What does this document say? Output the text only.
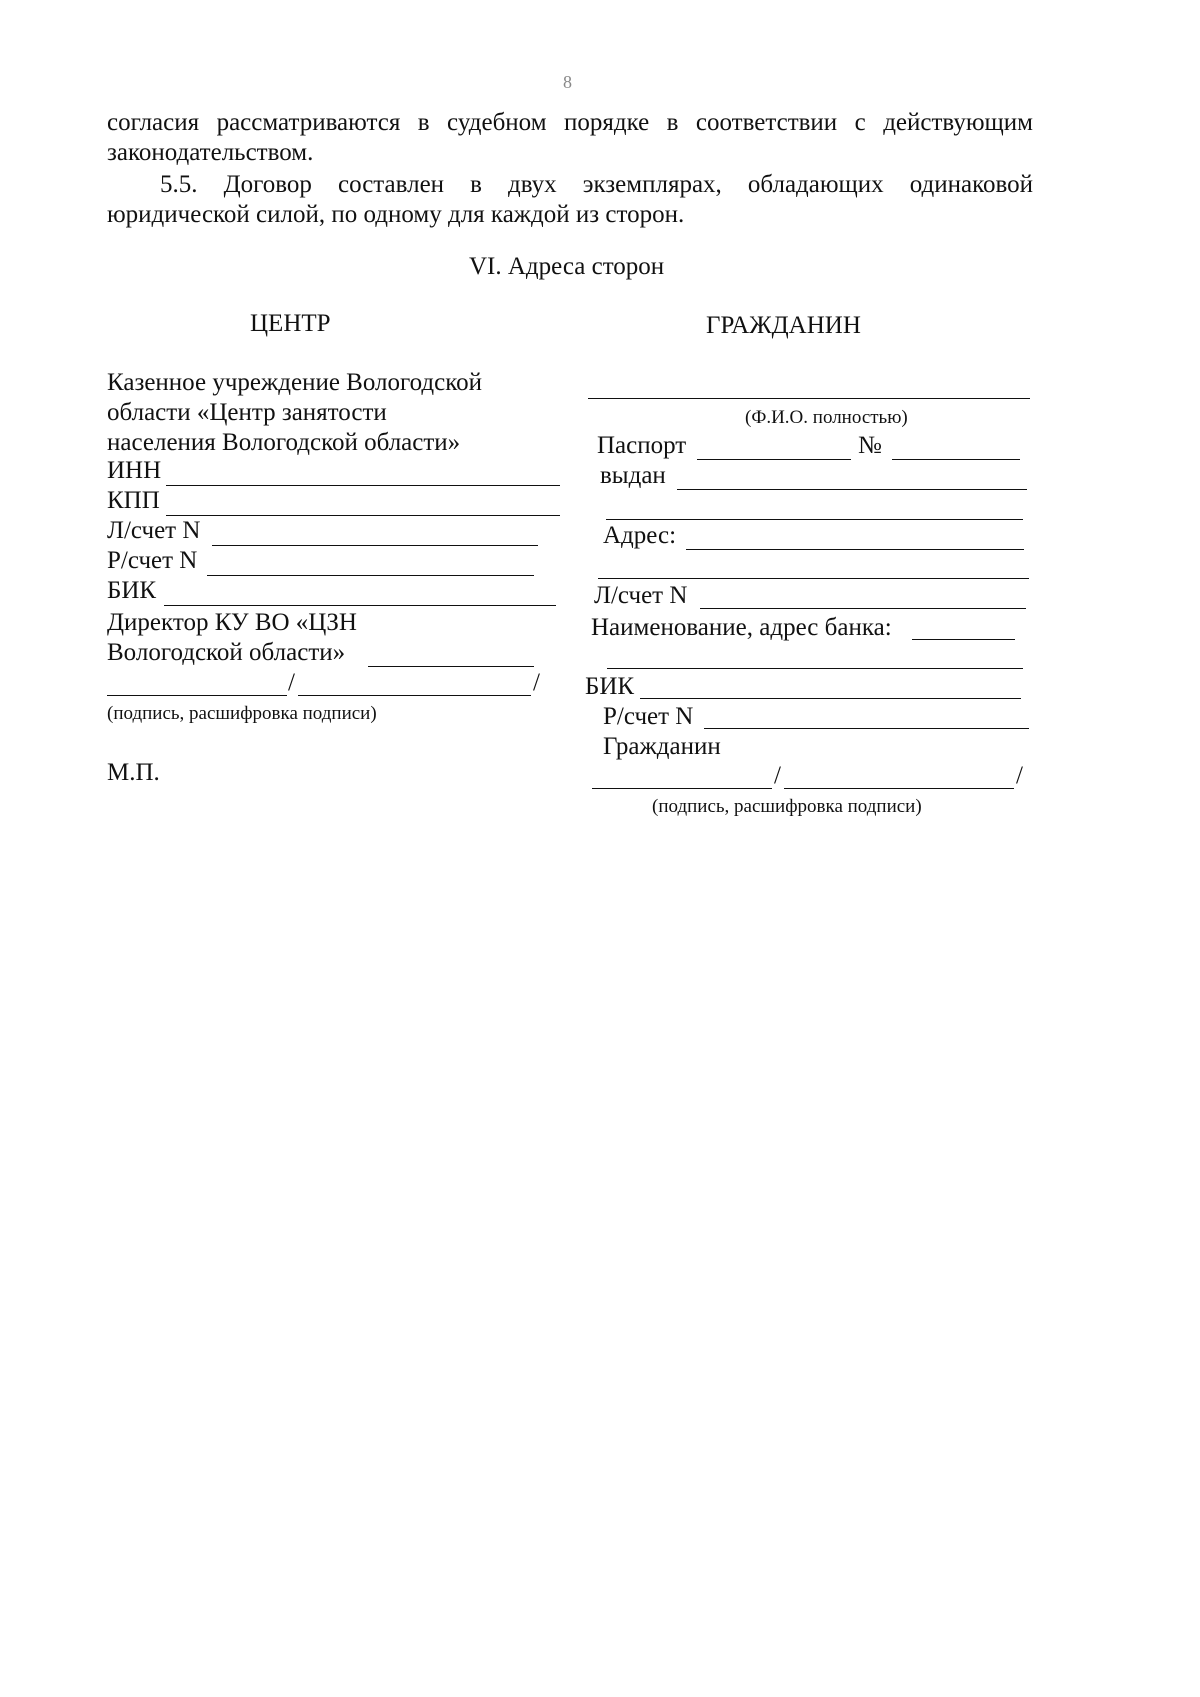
8
согласия рассматриваются в судебном порядке в соответствии с действующим
законодательством.
5.5. Договор составлен в двух экземплярах, обладающих одинаковой
юридической силой, по одному для каждой из сторон.
VI. Адреса сторон
ЦЕНТР
Казенное учреждение Вологодской
области «Центр занятости
населения Вологодской области»
ИНН
КПП
Л/счет N
Р/счет N
БИК
Директор КУ ВО «ЦЗН
Вологодской области»
/	/
(подпись, расшифровка подписи)
М.П.
ГРАЖДАНИН
(Ф.И.О. полностью)
Паспорт	№
выдан
Адрес:
Л/счет N
Наименование, адрес банка:
БИК
Р/счет N
Гражданин
/	/
(подпись, расшифровка подписи)
